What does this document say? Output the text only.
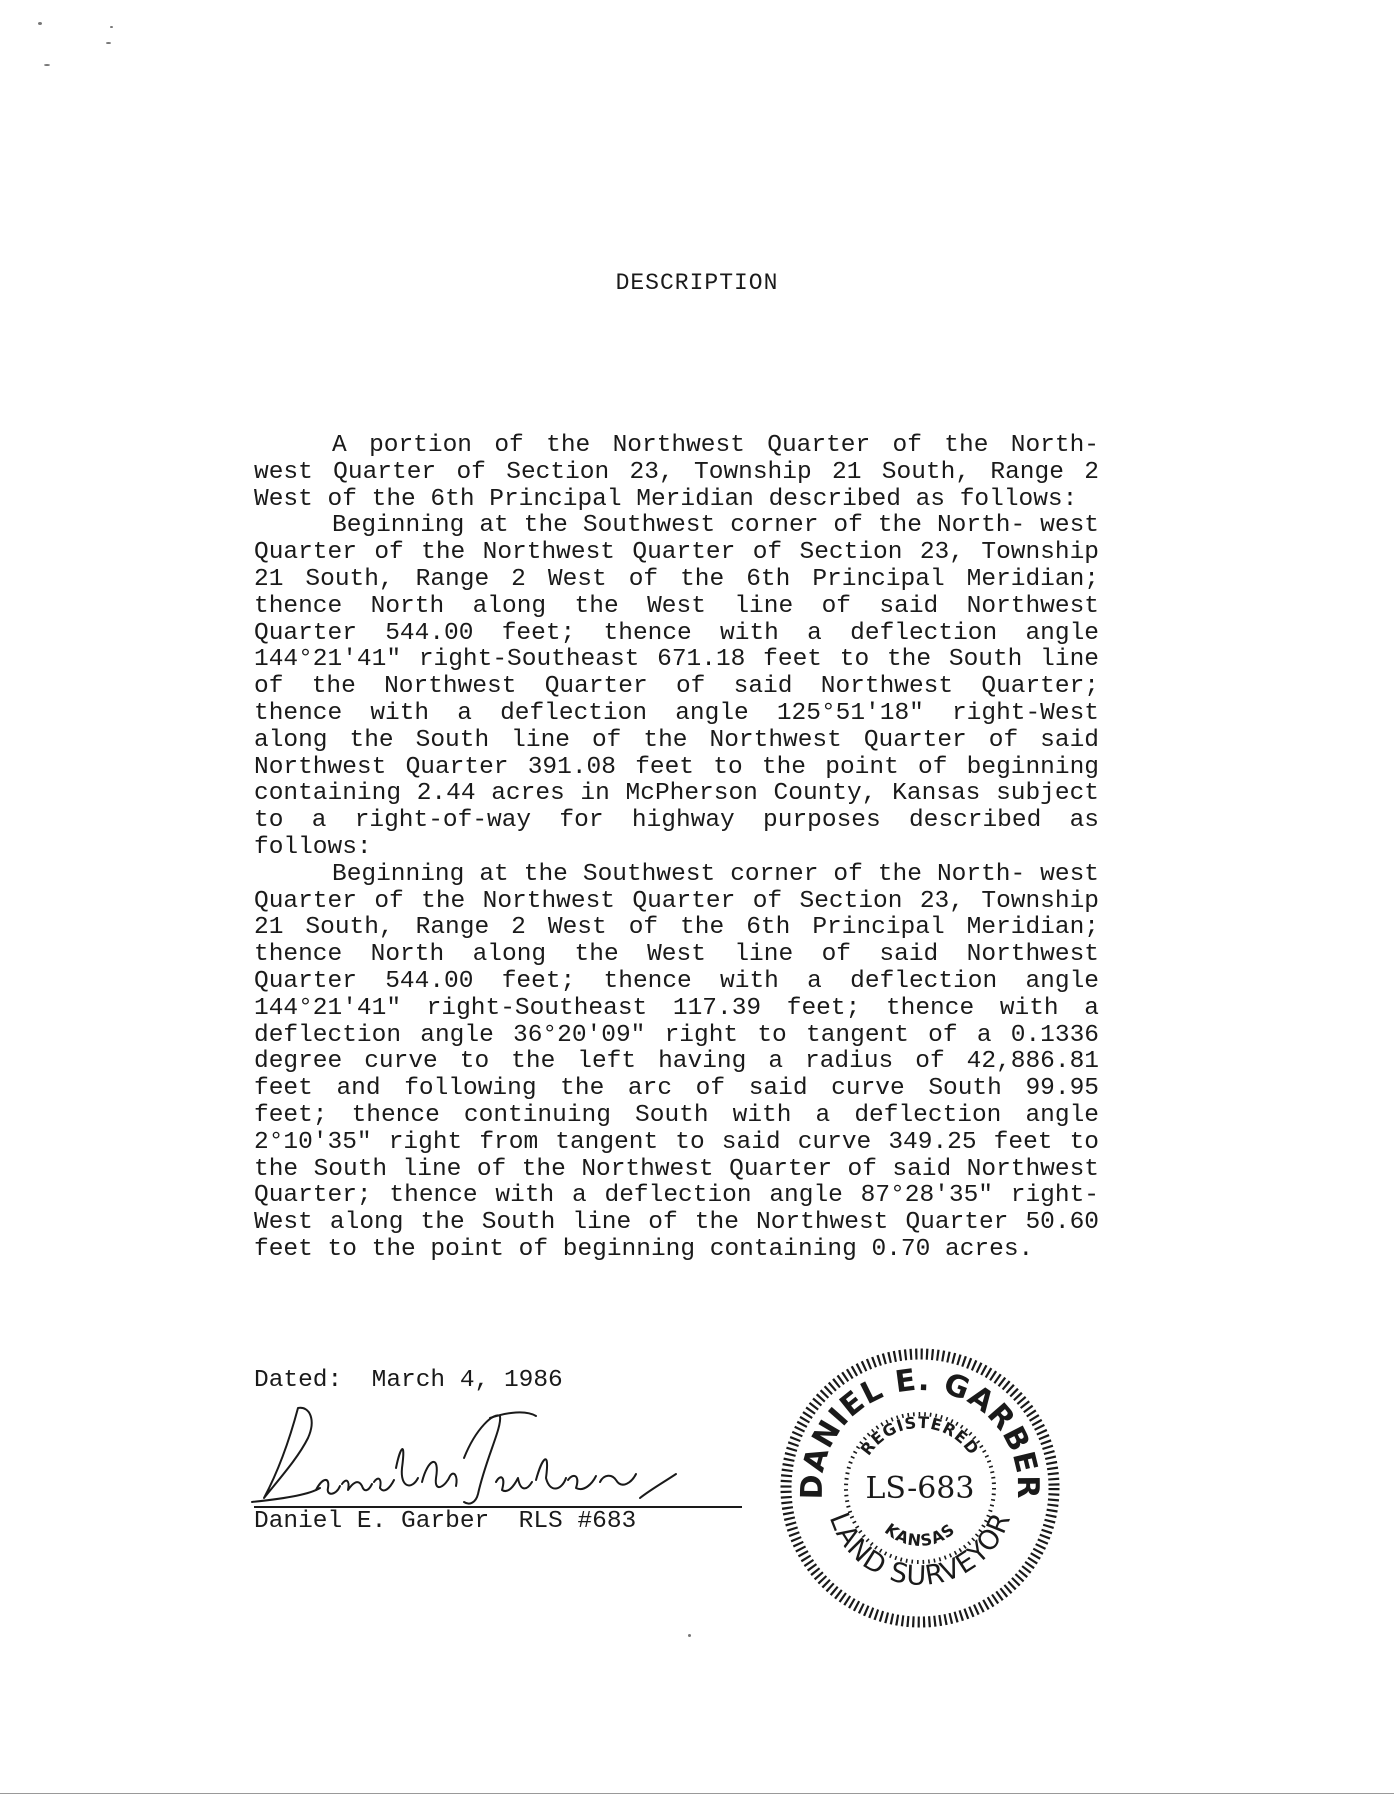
DESCRIPTION

A portion of the Northwest Quarter of the North- west Quarter of Section 23, Township 21 South, Range 2 West of the 6th Principal Meridian described as follows:

Beginning at the Southwest corner of the North- west Quarter of the Northwest Quarter of Section 23, Township 21 South, Range 2 West of the 6th Principal Meridian; thence North along the West line of said Northwest Quarter 544.00 feet; thence with a deflection angle 144°21'41" right-Southeast 671.18 feet to the South line of the Northwest Quarter of said Northwest Quarter; thence with a deflection angle 125°51'18" right-West along the South line of the Northwest Quarter of said Northwest Quarter 391.08 feet to the point of beginning containing 2.44 acres in McPherson County, Kansas subject to a right-of-way for highway purposes described as follows:

Beginning at the Southwest corner of the North- west Quarter of the Northwest Quarter of Section 23, Township 21 South, Range 2 West of the 6th Principal Meridian; thence North along the West line of said Northwest Quarter 544.00 feet; thence with a deflection angle 144°21'41" right-Southeast 117.39 feet; thence with a deflection angle 36°20'09" right to tangent of a 0.1336 degree curve to the left having a radius of 42,886.81 feet and following the arc of said curve South 99.95 feet; thence continuing South with a deflection angle 2°10'35" right from tangent to said curve 349.25 feet to the South line of the Northwest Quarter of said Northwest Quarter; thence with a deflection angle 87°28'35" right-West along the South line of the Northwest Quarter 50.60 feet to the point of beginning containing 0.70 acres.

Dated: March 4, 1986
Daniel E. Garber  RLS #683
DANIEL E. GARBER
REGISTERED
LS-683
KANSAS
LAND SURVEYOR
